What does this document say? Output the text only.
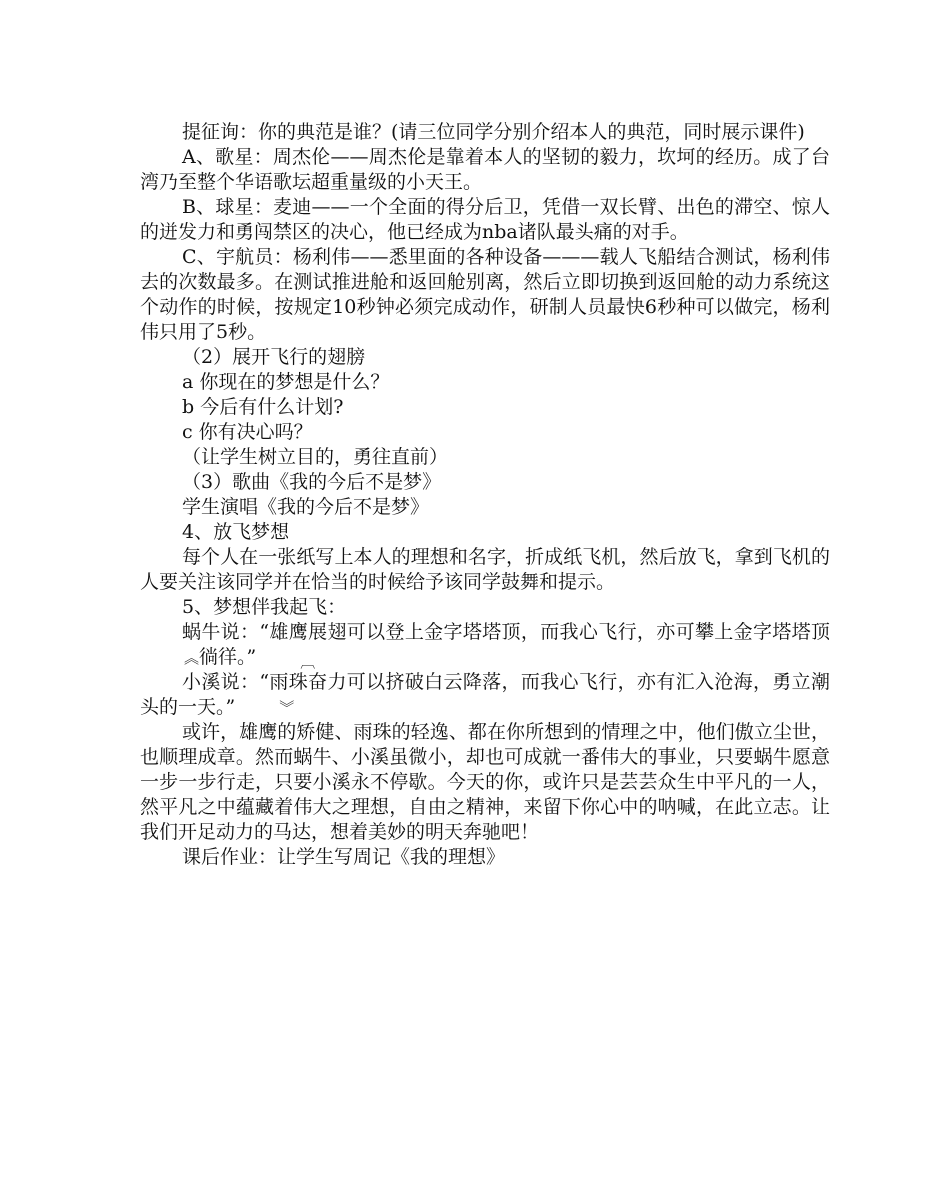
提征询：你的典范是谁？(请三位同学分别介绍本人的典范，同时展示课件)

A、歌星：周杰伦——周杰伦是靠着本人的坚韧的毅力，坎坷的经历。成了台湾乃至整个华语歌坛超重量级的小天王。

B、球星：麦迪——一个全面的得分后卫，凭借一双长臂、出色的滞空、惊人的迸发力和勇闯禁区的决心，他已经成为nba诸队最头痛的对手。

C、宇航员：杨利伟——悉里面的各种设备———载人飞船结合测试，杨利伟去的次数最多。在测试推进舱和返回舱别离，然后立即切换到返回舱的动力系统这个动作的时候，按规定10秒钟必须完成动作，研制人员最快6秒种可以做完，杨利伟只用了5秒。

（2）展开飞行的翅膀

a 你现在的梦想是什么？

b 今后有什么计划?

c 你有决心吗？

（让学生树立目的，勇往直前）

（3）歌曲《我的今后不是梦》

学生演唱《我的今后不是梦》

4、放飞梦想

每个人在一张纸写上本人的理想和名字，折成纸飞机，然后放飞，拿到飞机的人要关注该同学并在恰当的时候给予该同学鼓舞和提示。

5、梦想伴我起飞：

蜗牛说：“雄鹰展翅可以登上金字塔塔顶，而我心飞行，亦可攀上金字塔塔顶︽徜徉。”	︹

小溪说：“雨珠奋力可以挤破白云降落，而我心飞行，亦有汇入沧海，勇立潮头的一天。”	︾

或许，雄鹰的矫健、雨珠的轻逸、都在你所想到的情理之中，他们傲立尘世，也顺理成章。然而蜗牛、小溪虽微小，却也可成就一番伟大的事业，只要蜗牛愿意一步一步行走，只要小溪永不停歇。今天的你，或许只是芸芸众生中平凡的一人，然平凡之中蕴藏着伟大之理想，自由之精神，来留下你心中的呐喊，在此立志。让我们开足动力的马达，想着美妙的明天奔驰吧！

课后作业：让学生写周记《我的理想》
